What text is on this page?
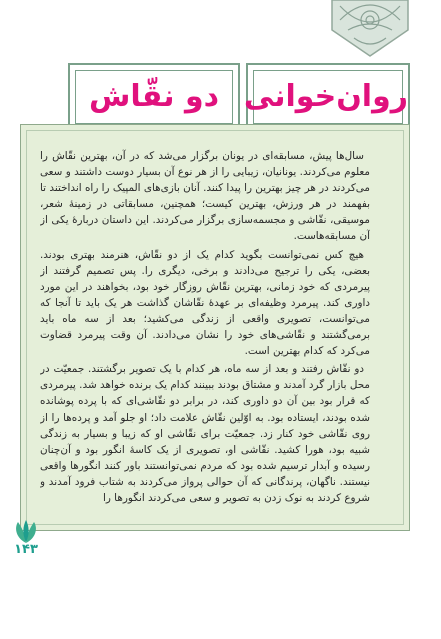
روان‌خوانی
دو نقّاش

سال‌ها پیش، مسابقه‌ای در یونان برگزار می‌شد که در آن، بهترین نقّاش را معلوم می‌کردند. یونانیان، زیبایی را از هر نوع آن بسیار دوست داشتند و سعی می‌کردند در هر چیز بهترین را پیدا کنند. آنان بازی‌های المپیک را راه انداختند تا بفهمند در هر ورزش، بهترین کیست؛ همچنین، مسابقاتی در زمینهٔ شعر، موسیقی، نقّاشی و مجسمه‌سازی برگزار می‌کردند. این داستان دربارهٔ یکی از آن مسابقه‌هاست.

هیچ کس نمی‌توانست بگوید کدام یک از دو نقّاش، هنرمند بهتری بودند. بعضی، یکی را ترجیح می‌دادند و برخی، دیگری را. پس تصمیم گرفتند از پیرمردی که خود زمانی، بهترین نقّاش روزگار خود بود، بخواهند در این مورد داوری کند. پیرمرد وظیفه‌ای بر عهدهٔ نقّاشان گذاشت هر یک باید تا آنجا که می‌توانست، تصویری واقعی از زندگی می‌کشید؛ بعد از سه ماه باید برمی‌گشتند و نقّاشی‌های خود را نشان می‌دادند. آن وقت پیرمرد قضاوت می‌کرد که کدام بهترین است.

دو نقّاش رفتند و بعد از سه ماه، هر کدام با یک تصویر برگشتند. جمعیّت در محل بازار گرد آمدند و مشتاق بودند ببینند کدام یک برنده خواهد شد. پیرمردی که قرار بود بین آن دو داوری کند، در برابر دو نقّاشی‌ای که با پرده پوشانده شده بودند، ایستاده بود. به اوّلین نقّاش علامت داد؛ او جلو آمد و پرده‌ها را از روی نقّاشی خود کنار زد. جمعیّت برای نقّاشی او که زیبا و بسیار به زندگی شبیه بود، هورا کشید. نقّاشی او، تصویری از یک کاسهٔ انگور بود و آن‌چنان رسیده و آبدار ترسیم شده بود که مردم نمی‌توانستند باور کنند انگورها واقعی نیستند. ناگهان، پرندگانی که آن حوالی پرواز می‌کردند به شتاب فرود آمدند و شروع کردند به نوک زدن به تصویر و سعی می‌کردند انگورها را

۱۴۳
